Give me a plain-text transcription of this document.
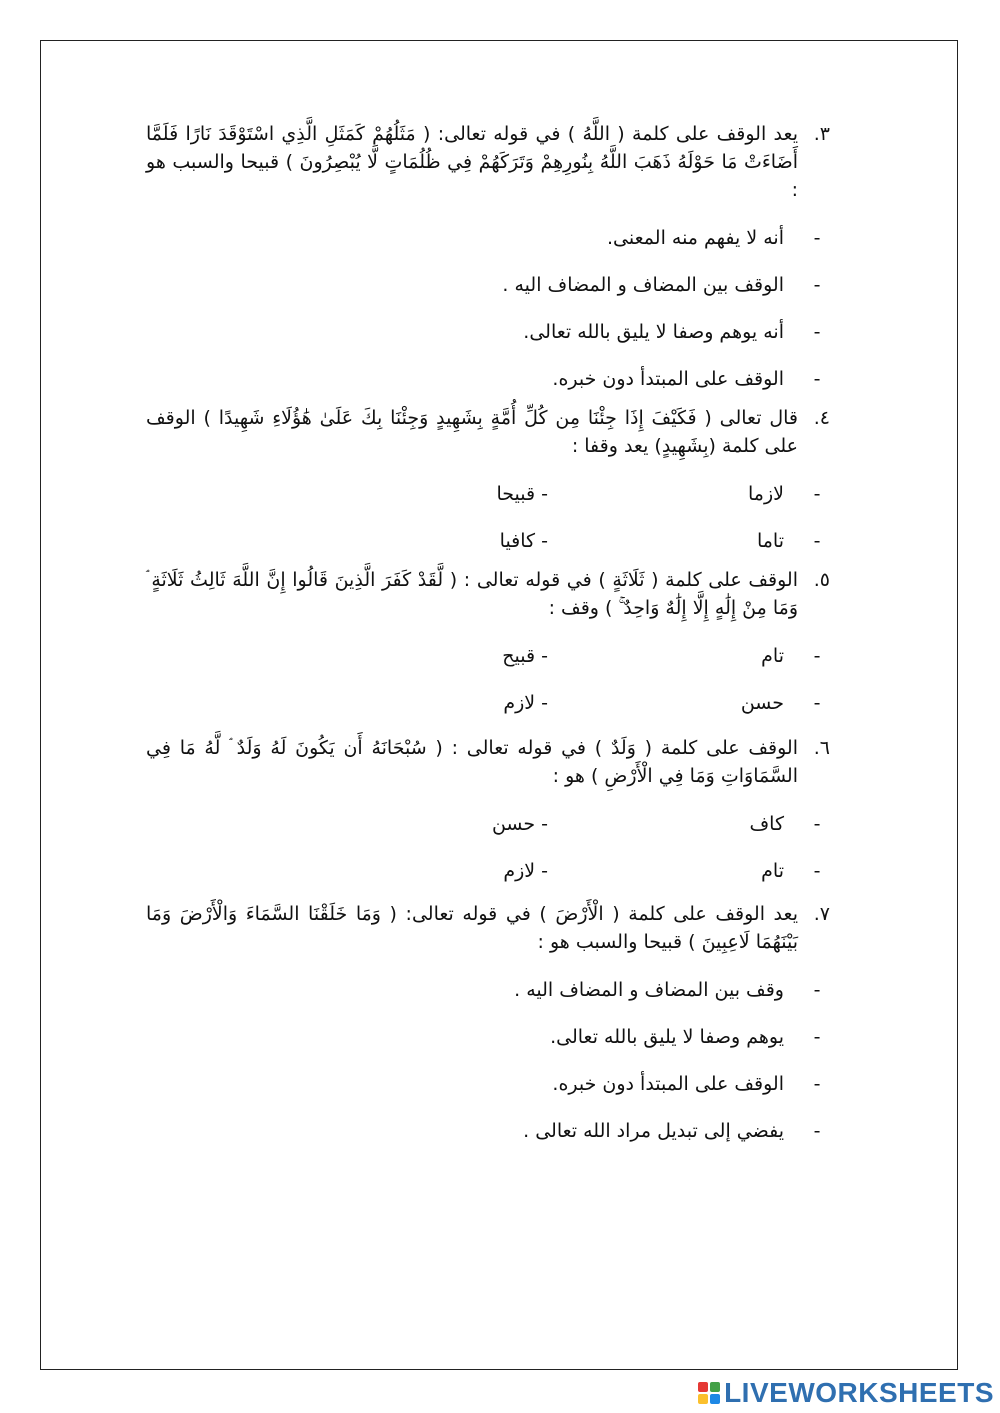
٣.
يعد الوقف على كلمة ( اللَّهُ ) في قوله تعالى: ( مَثَلُهُمْ كَمَثَلِ الَّذِي اسْتَوْقَدَ نَارًا فَلَمَّا أَضَاءَتْ مَا حَوْلَهُ ذَهَبَ اللَّهُ بِنُورِهِمْ وَتَرَكَهُمْ فِي ظُلُمَاتٍ لَّا يُبْصِرُونَ ) قبيحا والسبب هو :
-
أنه لا يفهم منه المعنى.
-
الوقف بين المضاف و المضاف اليه .
-
أنه يوهم وصفا لا يليق بالله تعالى.
-
الوقف على المبتدأ دون خبره.
٤.
قال تعالى ( فَكَيْفَ إِذَا جِئْنَا مِن كُلِّ أُمَّةٍ بِشَهِيدٍ وَجِئْنَا بِكَ عَلَىٰ هَٰؤُلَاءِ شَهِيدًا ) الوقف على كلمة (بِشَهِيدٍ) يعد وقفا :
-
لازما
- قبيحا
-
تاما
- كافيا
٥.
الوقف على كلمة ( ثَلَاثَةٍ ) في قوله تعالى : ( لَّقَدْ كَفَرَ الَّذِينَ قَالُوا إِنَّ اللَّهَ ثَالِثُ ثَلَاثَةٍ ۘ وَمَا مِنْ إِلَٰهٍ إِلَّا إِلَٰهٌ وَاحِدٌ ۚ ) وقف :
-
تام
- قبيح
-
حسن
- لازم
٦.
الوقف على كلمة ( وَلَدٌ ) في قوله تعالى : ( سُبْحَانَهُ أَن يَكُونَ لَهُ وَلَدٌ ۘ لَّهُ مَا فِي السَّمَاوَاتِ وَمَا فِي الْأَرْضِ ) هو :
-
كاف
- حسن
-
تام
- لازم
٧.
يعد الوقف على كلمة ( الْأَرْضَ ) في قوله تعالى: ( وَمَا خَلَقْنَا السَّمَاءَ وَالْأَرْضَ وَمَا بَيْنَهُمَا لَاعِبِينَ ) قبيحا والسبب هو :
-
وقف بين المضاف و المضاف اليه .
-
يوهم وصفا لا يليق بالله تعالى.
-
الوقف على المبتدأ دون خبره.
-
يفضي إلى تبديل مراد الله تعالى .
LIVEWORKSHEETS
